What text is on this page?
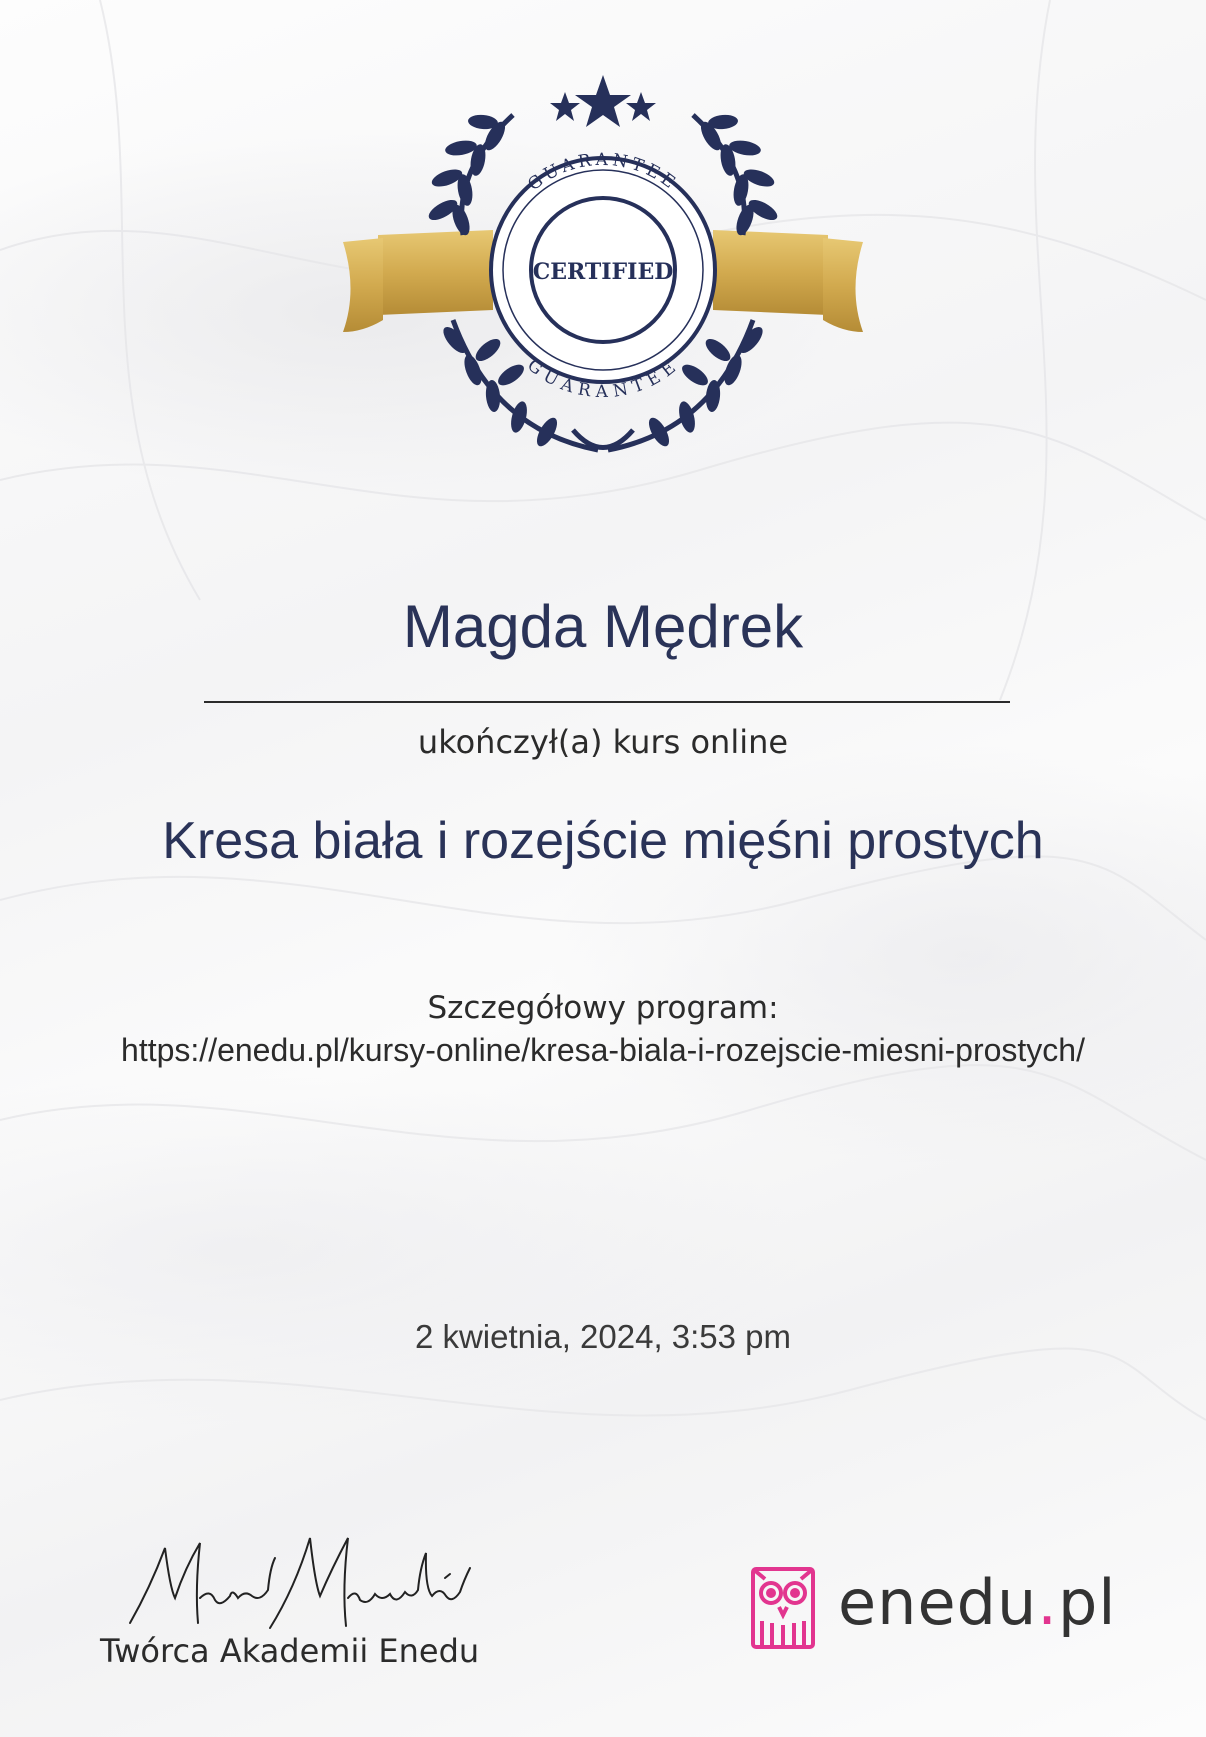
GUARANTEE
GUARANTEE
CERTIFIED
Magda Mędrek
ukończył(a) kurs online
Kresa biała i rozejście mięśni prostych
Szczegółowy program:
https://enedu.pl/kursy-online/kresa-biala-i-rozejscie-miesni-prostych/
2 kwietnia, 2024, 3:53 pm
Twórca Akademii Enedu
enedu.pl
